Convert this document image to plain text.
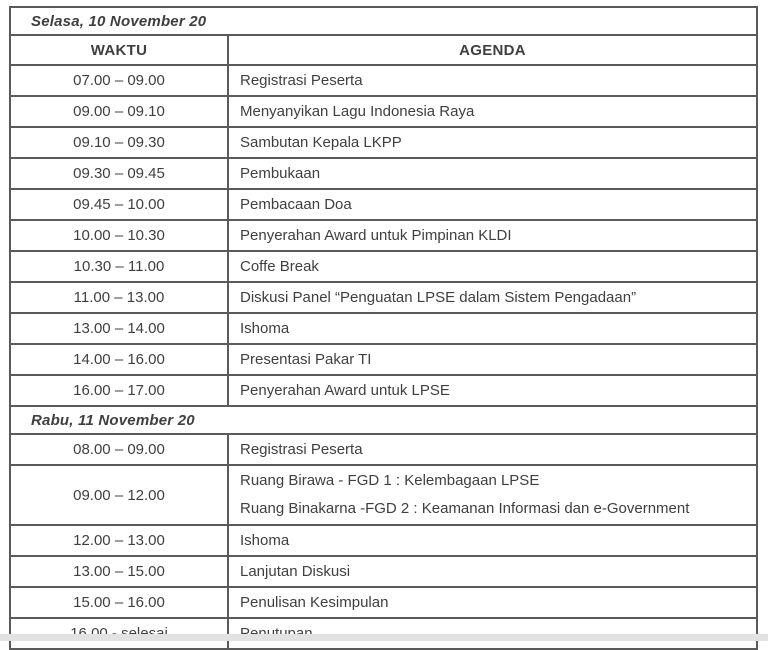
Selasa, 10 November 20	
WAKTU	AGENDA
07.00 – 09.00	Registrasi Peserta

09.00 – 09.10	Menyanyikan Lagu Indonesia Raya

09.10 – 09.30	Sambutan Kepala LKPP

09.30 – 09.45	Pembukaan

09.45 – 10.00	Pembacaan Doa

10.00 – 10.30	Penyerahan Award untuk Pimpinan KLDI

10.30 – 11.00	Coffe Break

11.00 – 13.00	Diskusi Panel “Penguatan LPSE dalam Sistem Pengadaan”

13.00 – 14.00	Ishoma

14.00 – 16.00	Presentasi Pakar TI

16.00 – 17.00	Penyerahan Award untuk LPSE

Rabu, 11 November 20	
08.00 – 09.00	Registrasi Peserta

09.00 – 12.00	Ruang Birawa - FGD 1 : Kelembagaan LPSE
Ruang Binakarna -FGD 2 : Keamanan Informasi dan e-Government

12.00 – 13.00	Ishoma

13.00 – 15.00	Lanjutan Diskusi

15.00 – 16.00	Penulisan Kesimpulan
